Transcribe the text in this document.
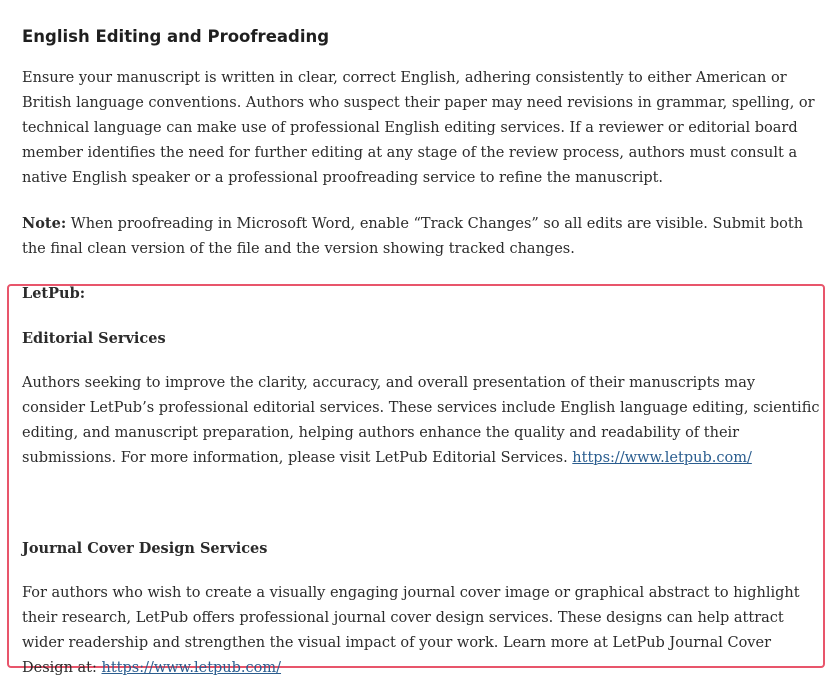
English Editing and Proofreading

Ensure your manuscript is written in clear, correct English, adhering consistently to either American or British language conventions. Authors who suspect their paper may need revisions in grammar, spelling, or technical language can make use of professional English editing services. If a reviewer or editorial board member identifies the need for further editing at any stage of the review process, authors must consult a native English speaker or a professional proofreading service to refine the manuscript.

Note: When proofreading in Microsoft Word, enable “Track Changes” so all edits are visible. Submit both the final clean version of the file and the version showing tracked changes.

LetPub:

Editorial Services

Authors seeking to improve the clarity, accuracy, and overall presentation of their manuscripts may consider LetPub’s professional editorial services. These services include English language editing, scientific editing, and manuscript preparation, helping authors enhance the quality and readability of their submissions. For more information, please visit LetPub Editorial Services. https://www.letpub.com/

Journal Cover Design Services

For authors who wish to create a visually engaging journal cover image or graphical abstract to highlight their research, LetPub offers professional journal cover design services. These designs can help attract wider readership and strengthen the visual impact of your work. Learn more at LetPub Journal Cover Design at: https://www.letpub.com/
